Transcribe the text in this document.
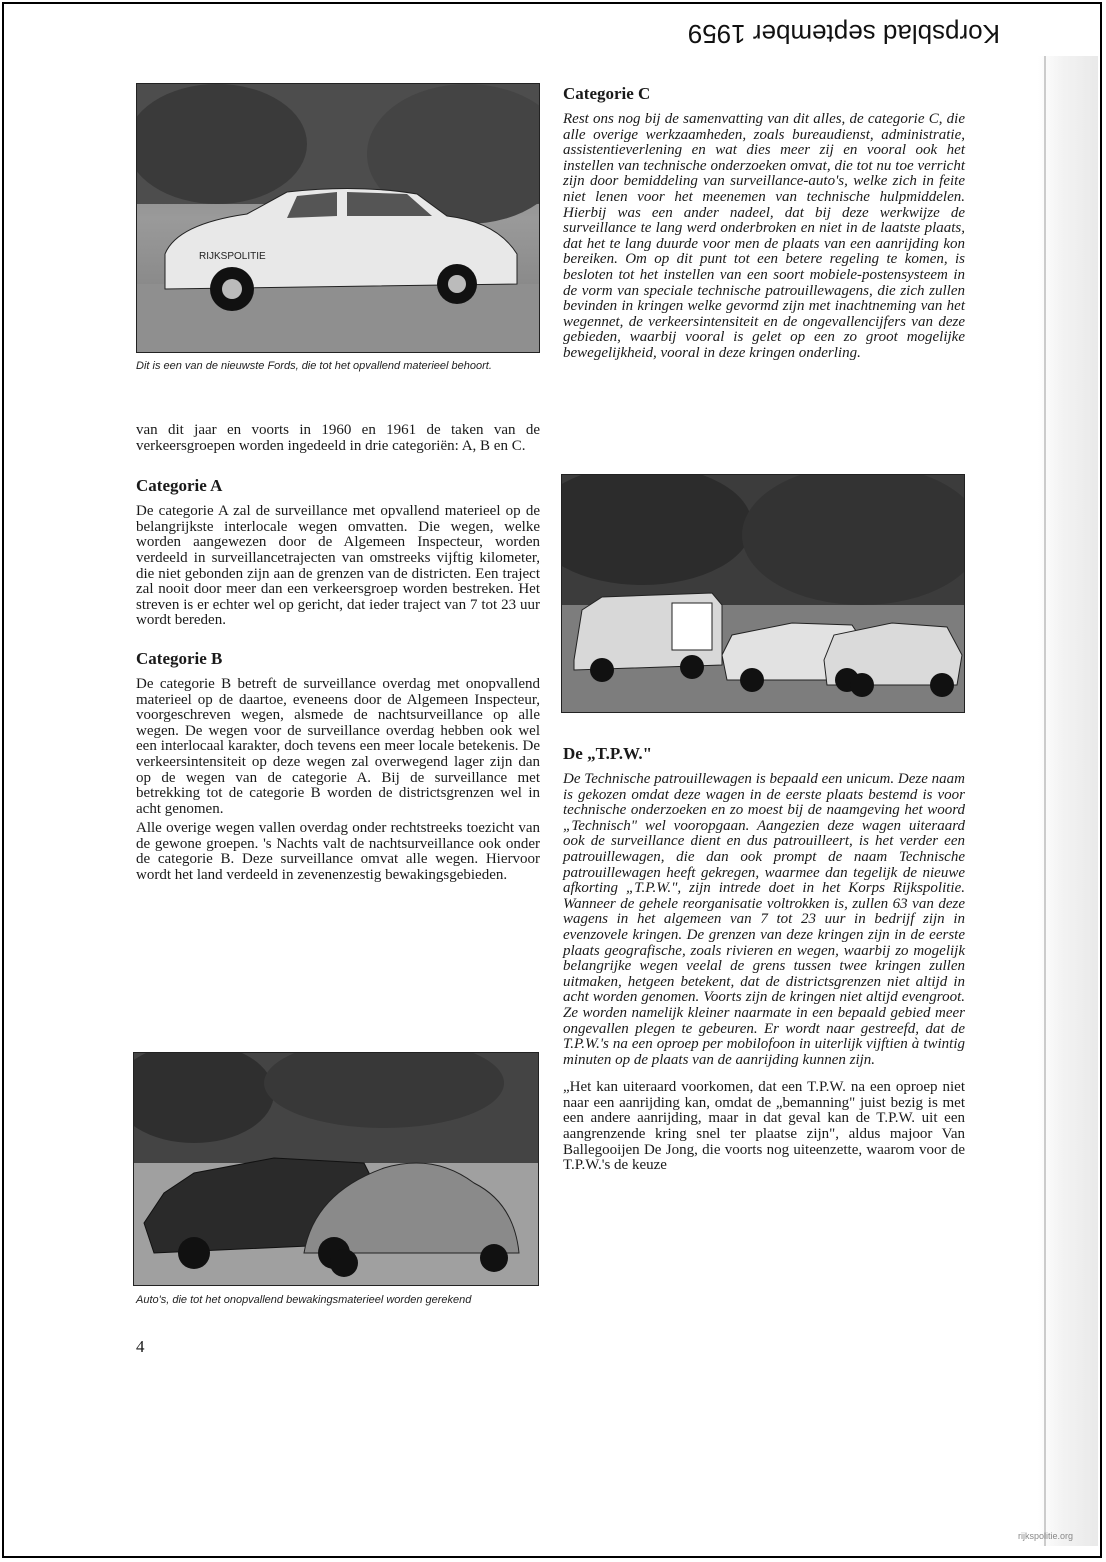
Korpsblad september 1959
RIJKSPOLITIE
Dit is een van de nieuwste Fords, die tot het opvallend materieel behoort.

van dit jaar en voorts in 1960 en 1961 de taken van de verkeersgroepen worden ingedeeld in drie categoriën: A, B en C.

Categorie A

De categorie A zal de surveillance met opvallend materieel op de belangrijkste interlocale wegen omvatten. Die wegen, welke worden aangewezen door de Algemeen Inspecteur, worden verdeeld in surveillancetrajecten van omstreeks vijftig kilometer, die niet gebonden zijn aan de grenzen van de districten. Een traject zal nooit door meer dan een verkeersgroep worden bestreken. Het streven is er echter wel op gericht, dat ieder traject van 7 tot 23 uur wordt bereden.

Categorie B

De categorie B betreft de surveillance overdag met onopvallend materieel op de daartoe, eveneens door de Algemeen Inspecteur, voorgeschreven wegen, alsmede de nachtsurveillance op alle wegen. De wegen voor de surveillance overdag hebben ook wel een interlocaal karakter, doch tevens een meer locale betekenis. De verkeersintensiteit op deze wegen zal overwegend lager zijn dan op de wegen van de categorie A. Bij de surveillance met betrekking tot de categorie B worden de districtsgrenzen wel in acht genomen.

Alle overige wegen vallen overdag onder rechtstreeks toezicht van de gewone groepen. 's Nachts valt de nachtsurveillance ook onder de categorie B. Deze surveillance omvat alle wegen. Hiervoor wordt het land verdeeld in zevenenzestig bewakingsgebieden.

Auto's, die tot het onopvallend bewakingsmaterieel worden gerekend
4
Categorie C

Rest ons nog bij de samenvatting van dit alles, de categorie C, die alle overige werkzaamheden, zoals bureaudienst, administratie, assistentieverlening en wat dies meer zij en vooral ook het instellen van technische onderzoeken omvat, die tot nu toe verricht zijn door bemiddeling van surveillance-auto's, welke zich in feite niet lenen voor het meenemen van technische hulpmiddelen. Hierbij was een ander nadeel, dat bij deze werkwijze de surveillance te lang werd onderbroken en niet in de laatste plaats, dat het te lang duurde voor men de plaats van een aanrijding kon bereiken. Om op dit punt tot een betere regeling te komen, is besloten tot het instellen van een soort mobiele-postensysteem in de vorm van speciale technische patrouillewagens, die zich zullen bevinden in kringen welke gevormd zijn met inachtneming van het wegennet, de verkeersintensiteit en de ongevallencijfers van deze gebieden, waarbij vooral is gelet op een zo groot mogelijke bewegelijkheid, vooral in deze kringen onderling.

De „T.P.W."

De Technische patrouillewagen is bepaald een unicum. Deze naam is gekozen omdat deze wagen in de eerste plaats bestemd is voor technische onderzoeken en zo moest bij de naamgeving het woord „Technisch" wel vooropgaan. Aangezien deze wagen uiteraard ook de surveillance dient en dus patrouilleert, is het verder een patrouillewagen, die dan ook prompt de naam Technische patrouillewagen heeft gekregen, waarmee dan tegelijk de nieuwe afkorting „T.P.W.", zijn intrede doet in het Korps Rijkspolitie. Wanneer de gehele reorganisatie voltrokken is, zullen 63 van deze wagens in het algemeen van 7 tot 23 uur in bedrijf zijn in evenzovele kringen. De grenzen van deze kringen zijn in de eerste plaats geografische, zoals rivieren en wegen, waarbij zo mogelijk belangrijke wegen veelal de grens tussen twee kringen zullen uitmaken, hetgeen betekent, dat de districtsgrenzen niet altijd in acht worden genomen. Voorts zijn de kringen niet altijd evengroot. Ze worden namelijk kleiner naarmate in een bepaald gebied meer ongevallen plegen te gebeuren. Er wordt naar gestreefd, dat de T.P.W.'s na een oproep per mobilofoon in uiterlijk vijftien à twintig minuten op de plaats van de aanrijding kunnen zijn.

„Het kan uiteraard voorkomen, dat een T.P.W. na een oproep niet naar een aanrijding kan, omdat de „bemanning" juist bezig is met een andere aanrijding, maar in dat geval kan de T.P.W. uit een aangrenzende kring snel ter plaatse zijn", aldus majoor Van Ballegooijen De Jong, die voorts nog uiteenzette, waarom voor de T.P.W.'s de keuze

rijkspolitie.org
